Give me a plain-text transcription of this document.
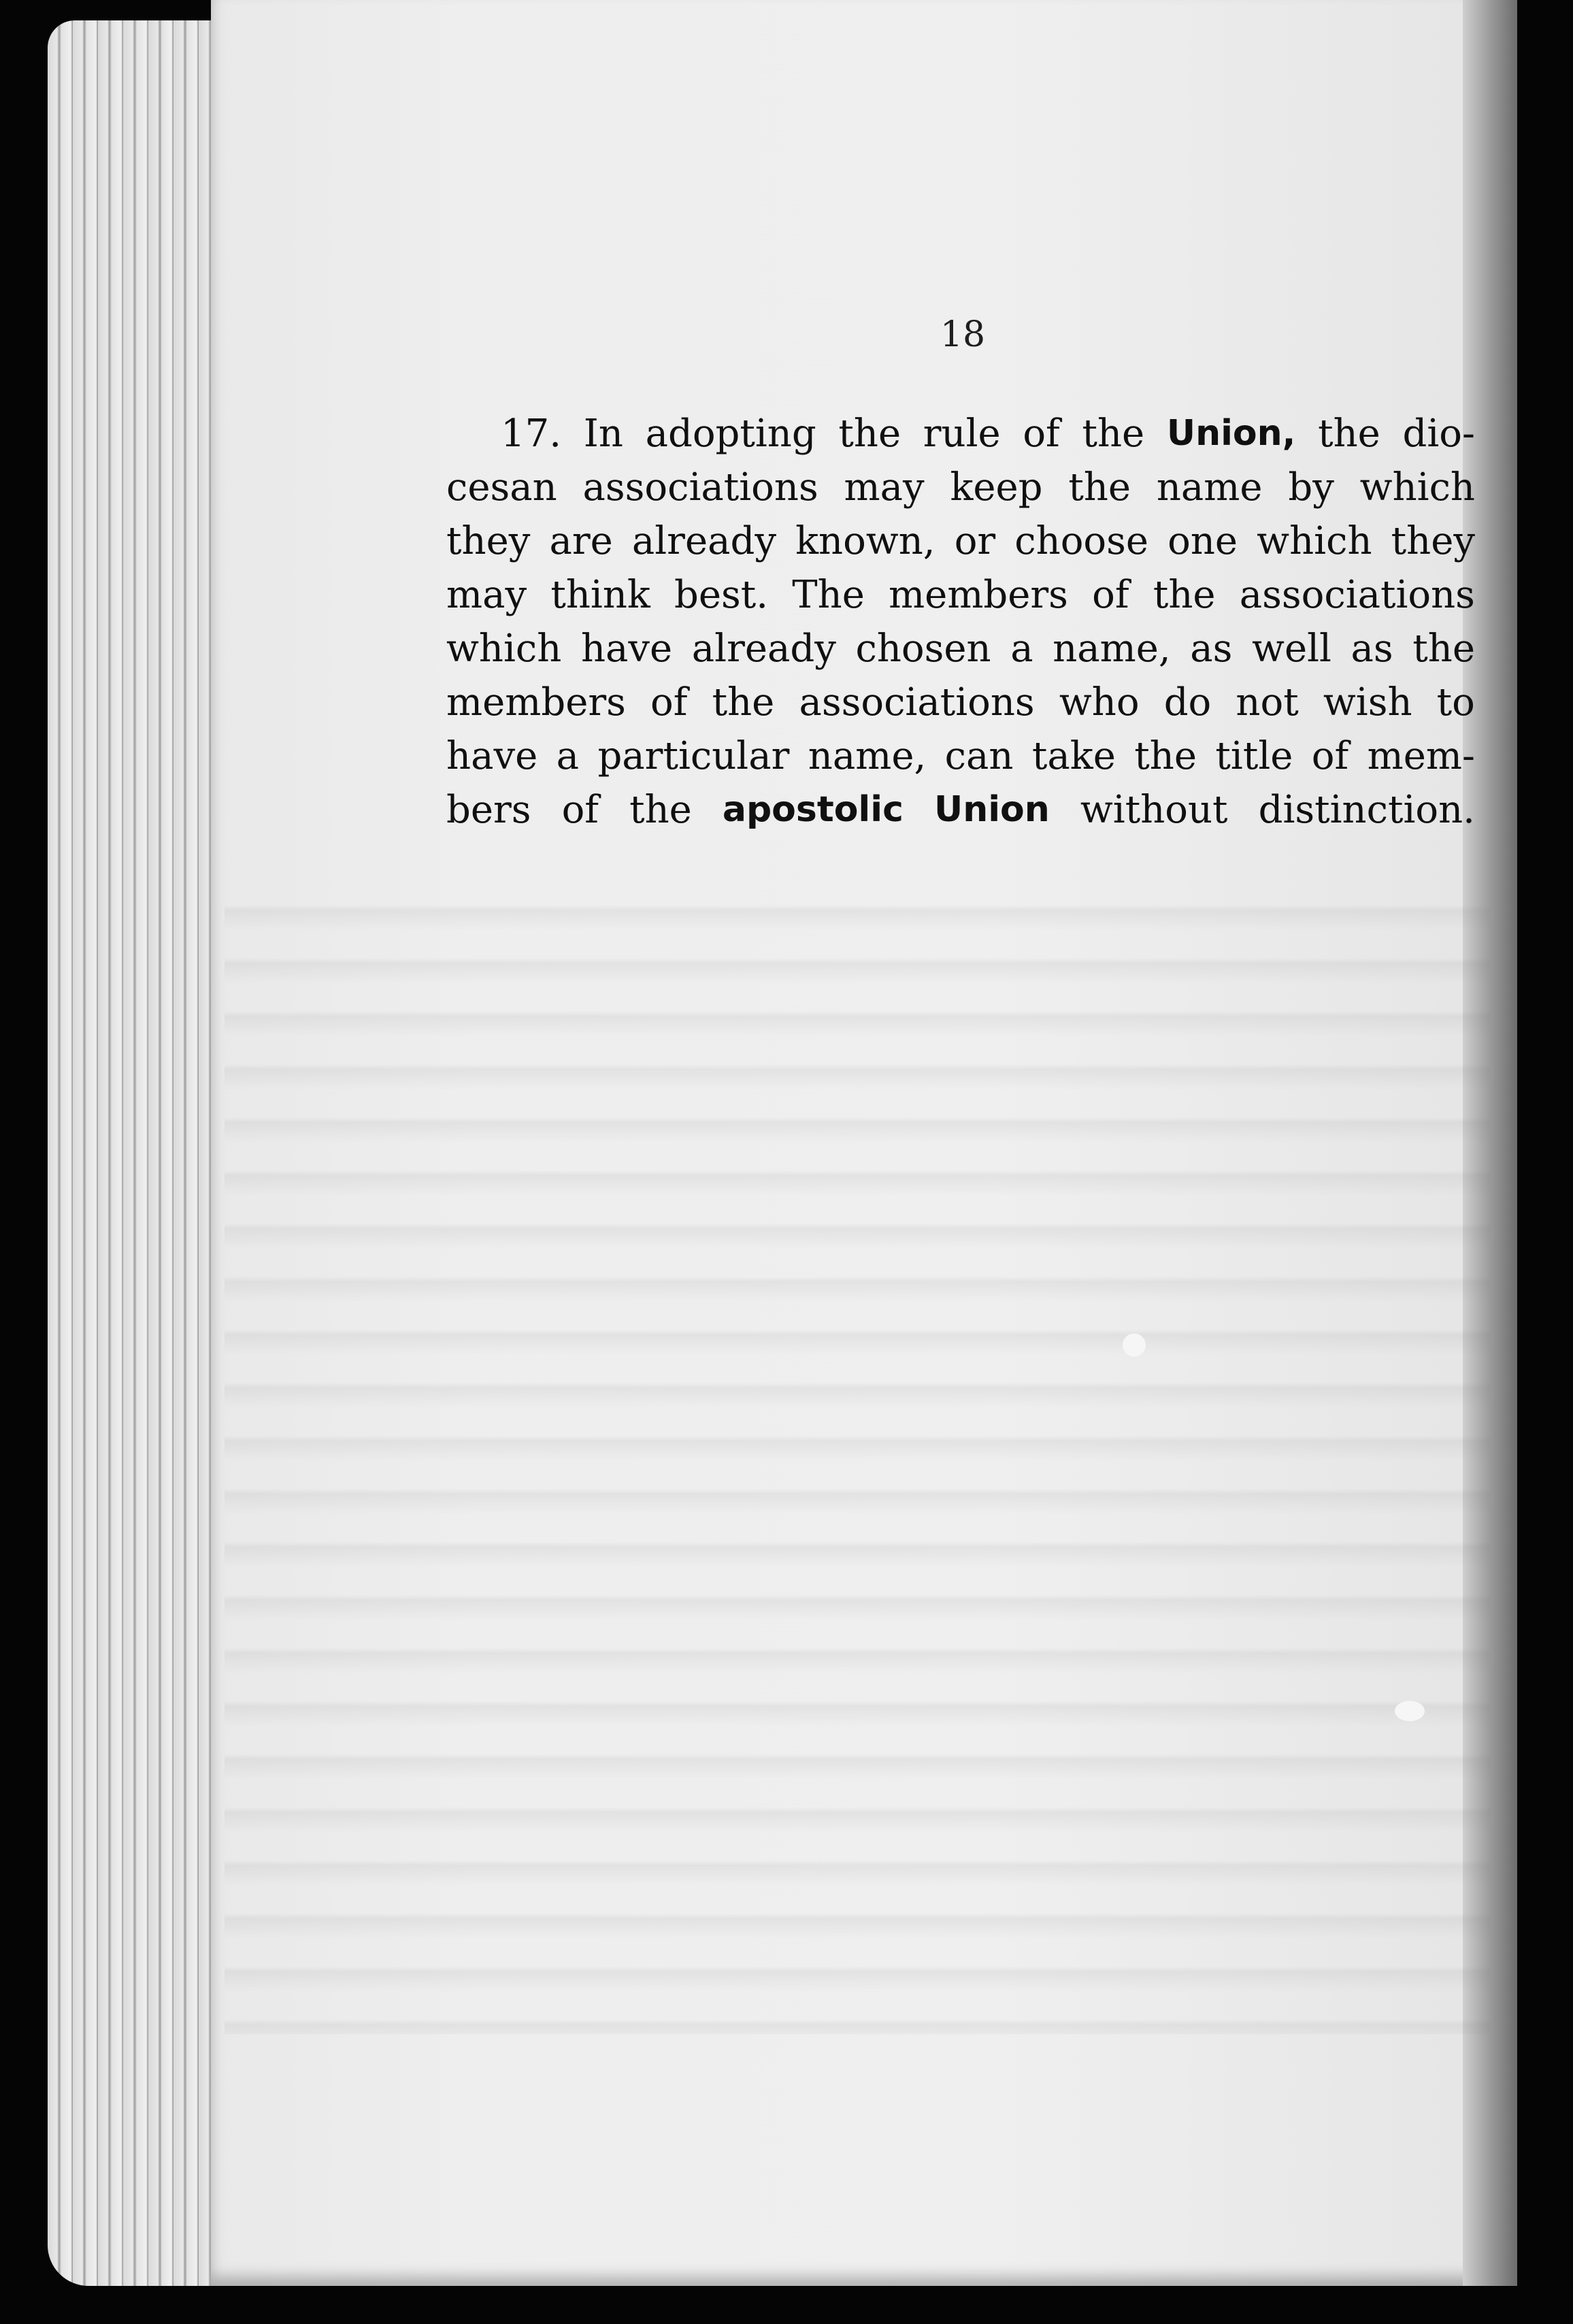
18
17. In adopting the rule of the Union, the dio-
cesan associations may keep the name by which
they are already known, or choose one which they
may think best. The members of the associations
which have already chosen a name, as well as the
members of the associations who do not wish to
have a particular name, can take the title of mem-
bers of the apostolic Union without distinction.
